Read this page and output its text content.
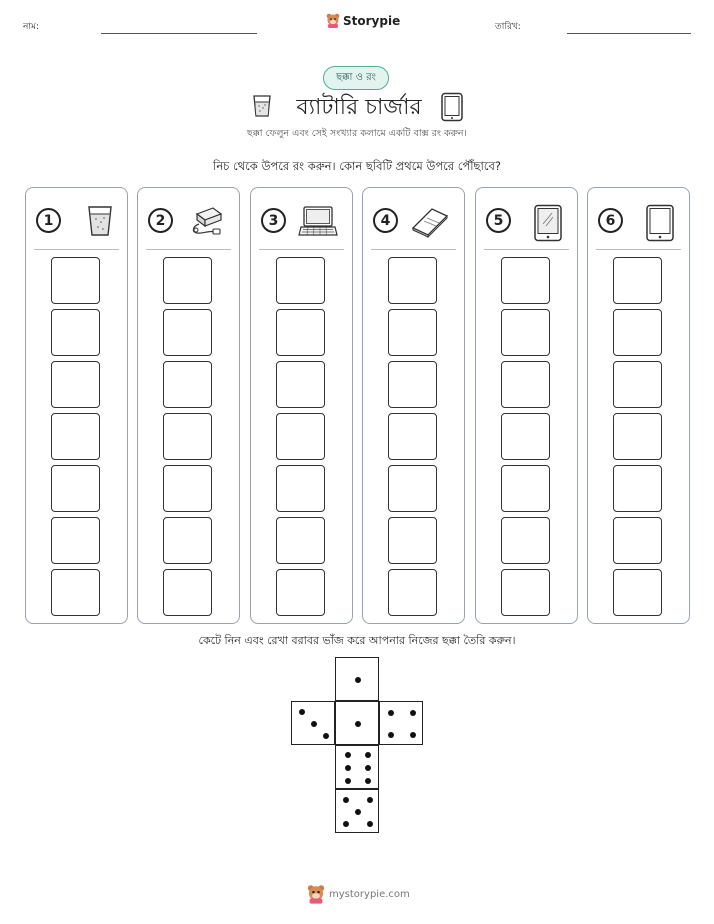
নাম:	Storypie	তারিখ:
ছক্কা ও রং
ব্যাটারি চার্জার
ছক্কা ফেলুন এবং সেই সংখ্যার কলামে একটি বাক্স রং করুন।
নিচ থেকে উপরে রং করুন। কোন ছবিটি প্রথমে উপরে পৌঁছাবে?
1	2	3	4	5	6
কেটে নিন এবং রেখা বরাবর ভাঁজ করে আপনার নিজের ছক্কা তৈরি করুন।
mystorypie.com
